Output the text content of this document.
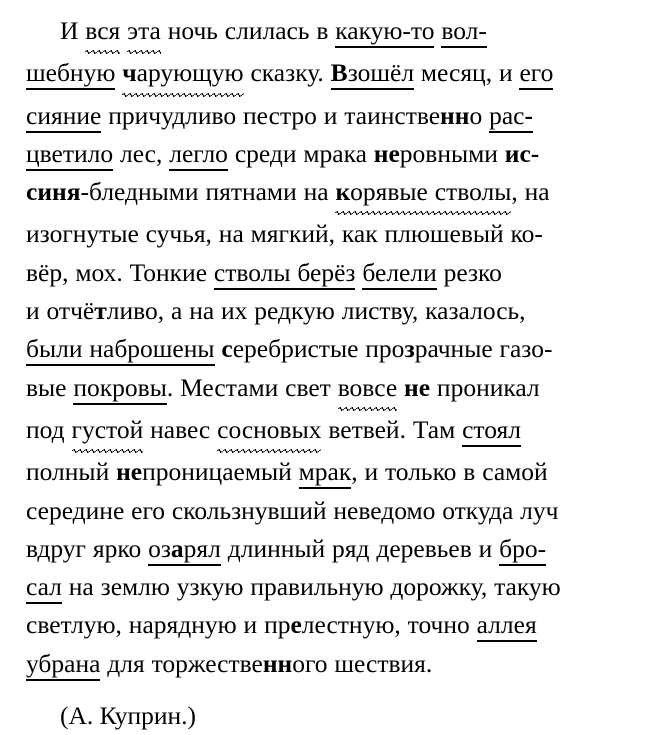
И вся эта ночь слилась в какую-то вол-
шебную чарующую сказку. Взошёл месяц, и его
сияние причудливо пестро и таинственно рас-
цветило лес, легло среди мрака неровными ис-
синя-бледными пятнами на корявые стволы, на
изогнутые сучья, на мягкий, как плюшевый ко-
вёр, мох. Тонкие стволы берёз белели резко
и отчётливо, а на их редкую листву, казалось,
были наброшены серебристые прозрачные газо-
вые покровы. Местами свет вовсе не проникал
под густой навес сосновых ветвей. Там стоял
полный непроницаемый мрак, и только в самой
середине его скользнувший неведомо откуда луч
вдруг ярко озарял длинный ряд деревьев и бро-
сал на землю узкую правильную дорожку, такую
светлую, нарядную и прелестную, точно аллея
убрана для торжественного шествия.
(А. Куприн.)
